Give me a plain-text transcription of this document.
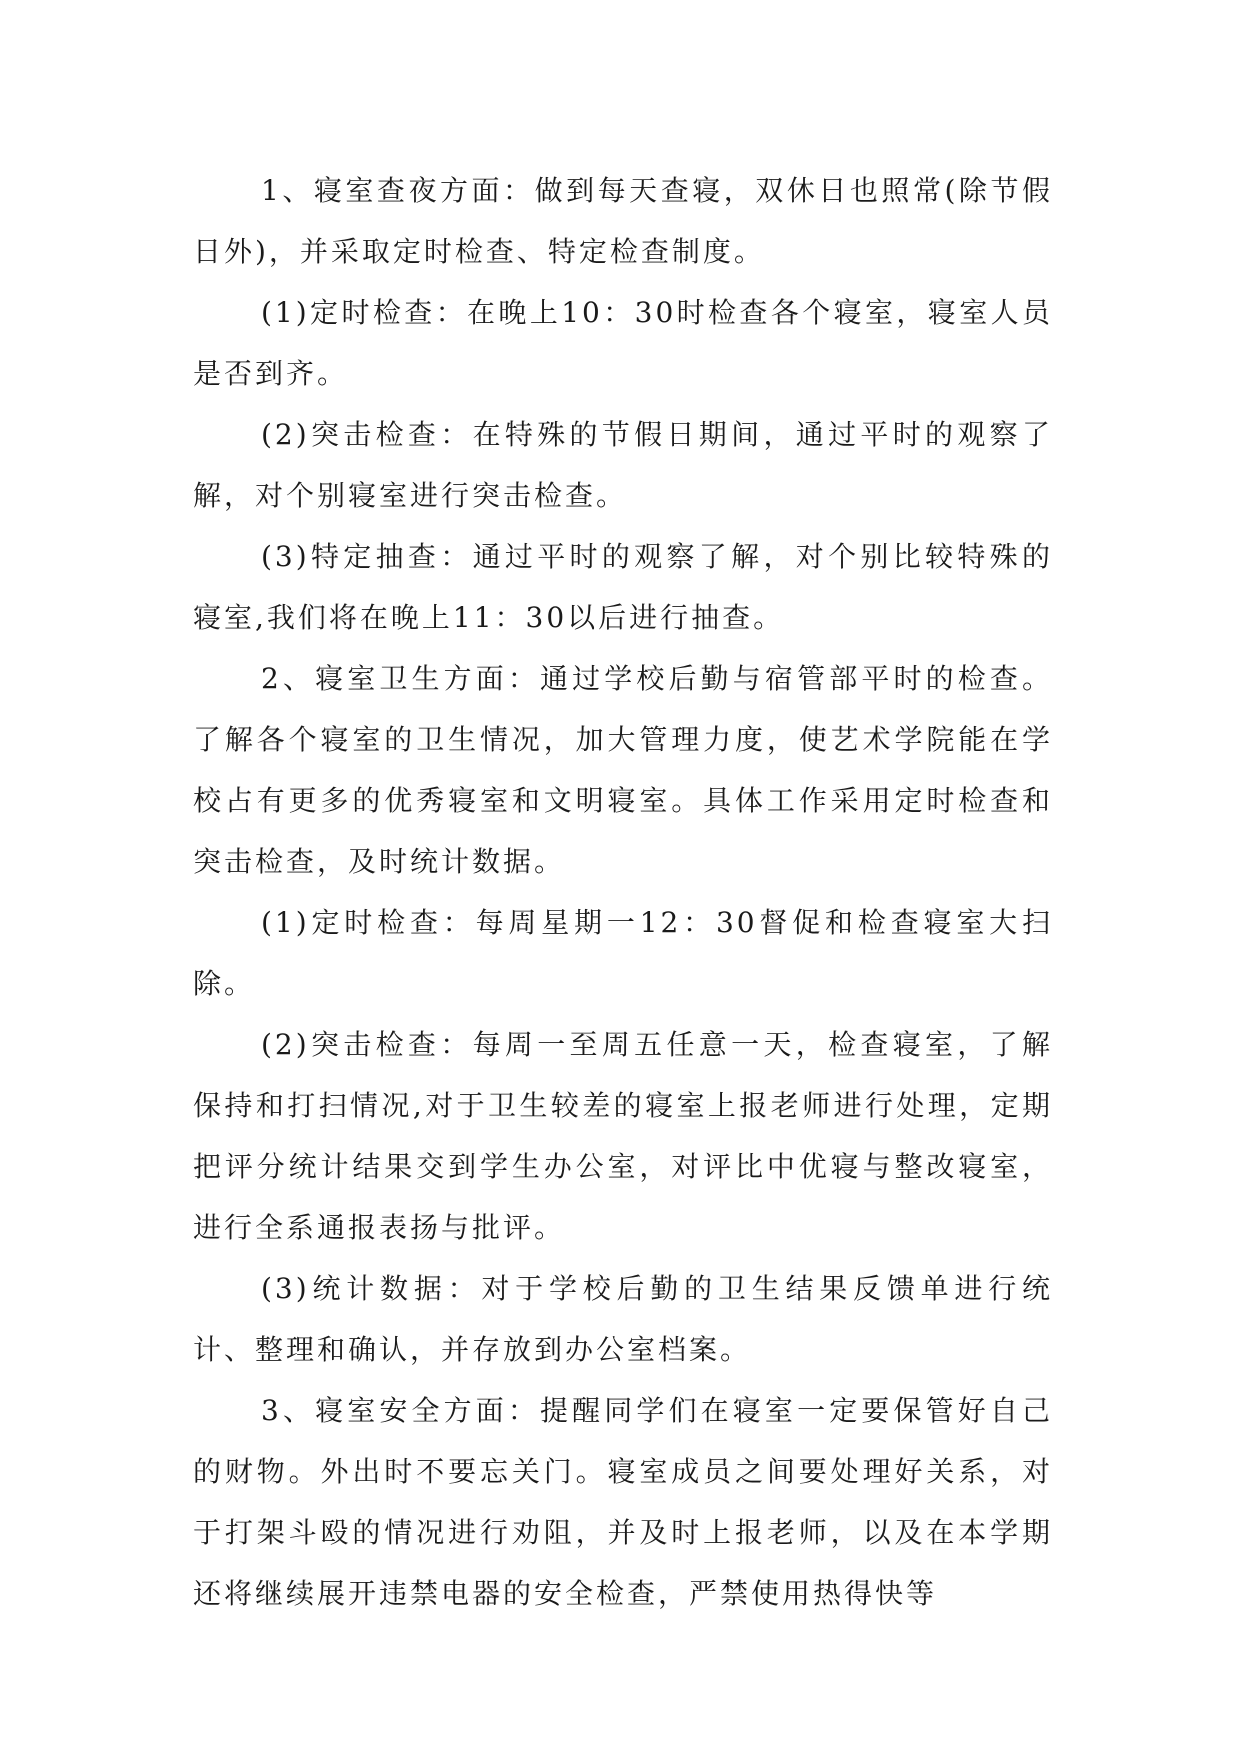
1、寝室查夜方面：做到每天查寝，双休日也照常(除节假日外)，并采取定时检查、特定检查制度。

(1)定时检查：在晚上10：30时检查各个寝室，寝室人员是否到齐。

(2)突击检查：在特殊的节假日期间，通过平时的观察了解，对个别寝室进行突击检查。

(3)特定抽查：通过平时的观察了解，对个别比较特殊的寝室,我们将在晚上11：30以后进行抽查。

2、寝室卫生方面：通过学校后勤与宿管部平时的检查。了解各个寝室的卫生情况，加大管理力度，使艺术学院能在学校占有更多的优秀寝室和文明寝室。具体工作采用定时检查和突击检查，及时统计数据。

(1)定时检查：每周星期一12：30督促和检查寝室大扫除。

(2)突击检查：每周一至周五任意一天，检查寝室，了解保持和打扫情况,对于卫生较差的寝室上报老师进行处理，定期把评分统计结果交到学生办公室，对评比中优寝与整改寝室，进行全系通报表扬与批评。

(3)统计数据：对于学校后勤的卫生结果反馈单进行统计、整理和确认，并存放到办公室档案。

3、寝室安全方面：提醒同学们在寝室一定要保管好自己的财物。外出时不要忘关门。寝室成员之间要处理好关系，对于打架斗殴的情况进行劝阻，并及时上报老师，以及在本学期还将继续展开违禁电器的安全检查，严禁使用热得快等
